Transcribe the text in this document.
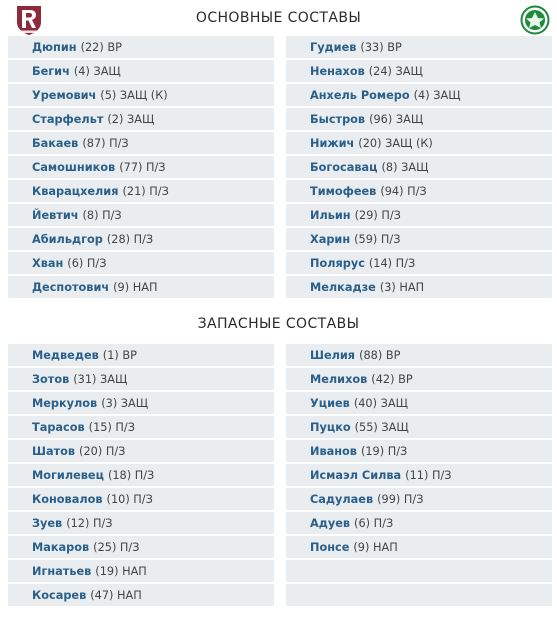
ОСНОВНЫЕ СОСТАВЫ
Дюпин (22) ВР
Бегич (4) ЗАЩ
Уремович (5) ЗАЩ (К)
Старфельт (2) ЗАЩ
Бакаев (87) П/З
Самошников (77) П/З
Кварацхелия (21) П/З
Йевтич (8) П/З
Абильдгор (28) П/З
Хван (6) П/З
Деспотович (9) НАП
Гудиев (33) ВР
Ненахов (24) ЗАЩ
Анхель Ромеро (4) ЗАЩ
Быстров (96) ЗАЩ
Нижич (20) ЗАЩ (К)
Богосавац (8) ЗАЩ
Тимофеев (94) П/З
Ильин (29) П/З
Харин (59) П/З
Полярус (14) П/З
Мелкадзе (3) НАП
ЗАПАСНЫЕ СОСТАВЫ
Медведев (1) ВР
Зотов (31) ЗАЩ
Меркулов (3) ЗАЩ
Тарасов (15) П/З
Шатов (20) П/З
Могилевец (18) П/З
Коновалов (10) П/З
Зуев (12) П/З
Макаров (25) П/З
Игнатьев (19) НАП
Косарев (47) НАП
Шелия (88) ВР
Мелихов (42) ВР
Уциев (40) ЗАЩ
Пуцко (55) ЗАЩ
Иванов (19) П/З
Исмаэл Силва (11) П/З
Садулаев (99) П/З
Адуев (6) П/З
Понсе (9) НАП
